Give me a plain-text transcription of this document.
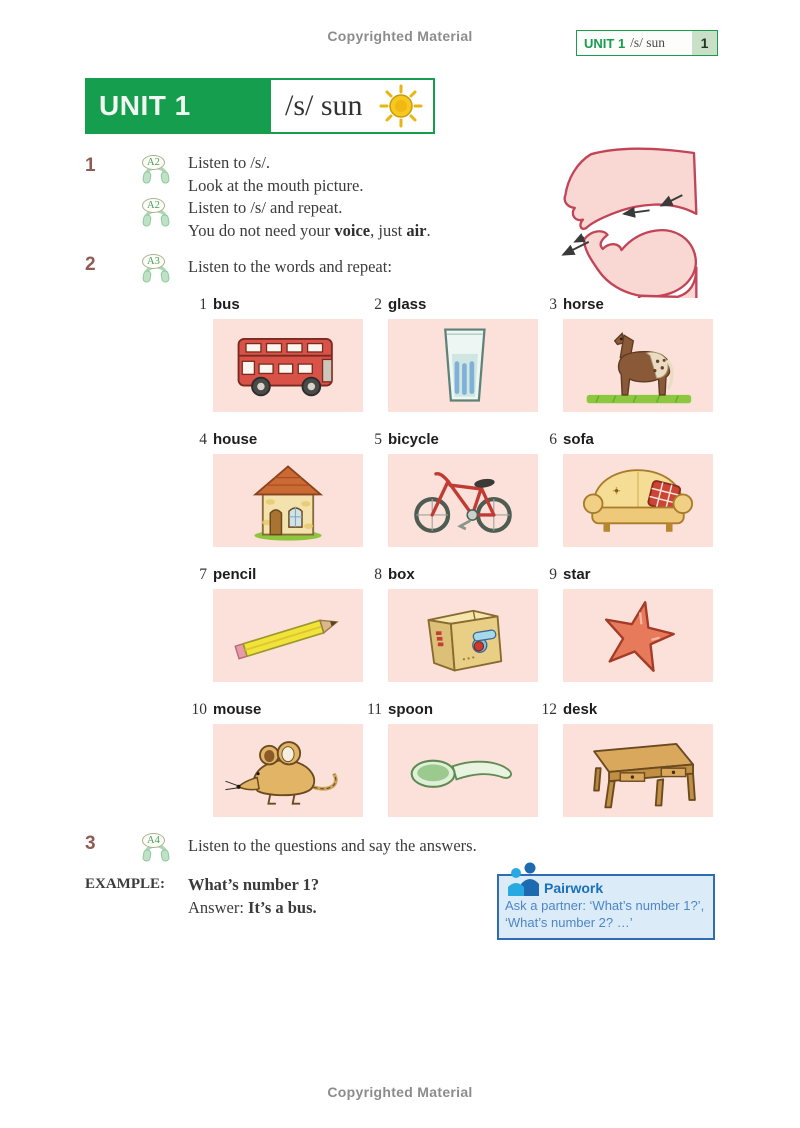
Copyrighted Material	UNIT 1 /s/ sun	1
UNIT 1	/s/ sun
1	A2	Listen to /s/.
Look at the mouth picture.
Listen to /s/ and repeat.
You do not need your voice, just air.
A2
2	A3	Listen to the words and repeat:
1 bus	2 glass	3 horse
4 house	5 bicycle	6 sofa
7 pencil	8 box	9 star
10 mouse	11 spoon	12 desk
3	A4	Listen to the questions and say the answers.
EXAMPLE: What’s number 1?
Answer: It’s a bus.
Pairwork
Ask a partner: ‘What’s number 1?’,
‘What’s number 2? …’
Copyrighted Material
